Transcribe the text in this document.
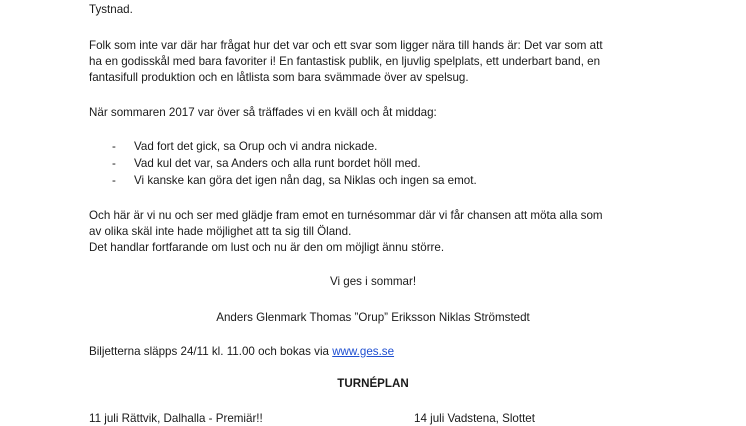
Tystnad.
Folk som inte var där har frågat hur det var och ett svar som ligger nära till hands är: Det var som att
ha en godisskål med bara favoriter i! En fantastisk publik, en ljuvlig spelplats, ett underbart band, en
fantasifull produktion och en låtlista som bara svämmade över av spelsug.
När sommaren 2017 var över så träffades vi en kväll och åt middag:
- Vad fort det gick, sa Orup och vi andra nickade.
- Vad kul det var, sa Anders och alla runt bordet höll med.
- Vi kanske kan göra det igen nån dag, sa Niklas och ingen sa emot.
Och här är vi nu och ser med glädje fram emot en turnésommar där vi får chansen att möta alla som
av olika skäl inte hade möjlighet att ta sig till Öland.
Det handlar fortfarande om lust och nu är den om möjligt ännu större.
Vi ges i sommar!
Anders Glenmark Thomas ”Orup” Eriksson Niklas Strömstedt
Biljetterna släpps 24/11 kl. 11.00 och bokas via www.ges.se
TURNÉPLAN
11 juli Rättvik, Dalhalla - Premiär!!	14 juli Vadstena, Slottet
